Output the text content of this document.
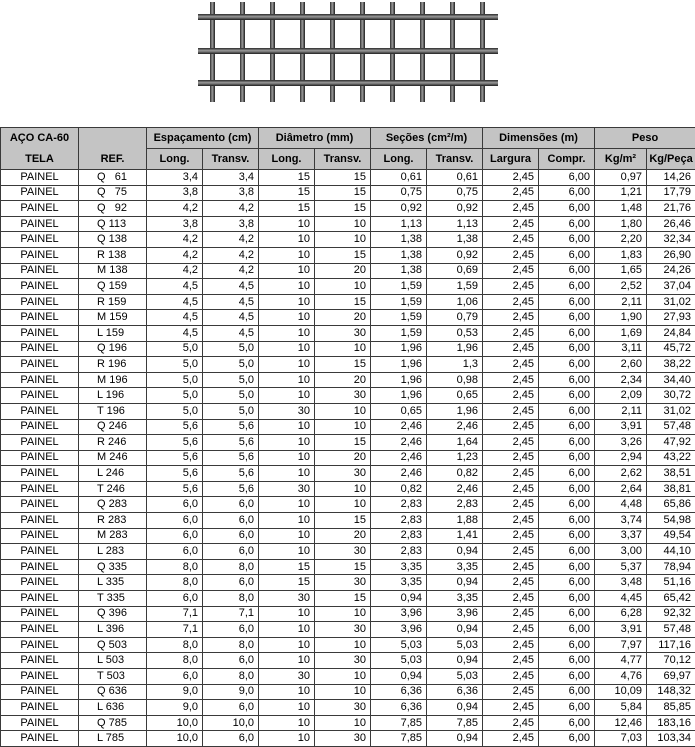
AÇO CA-60		Espaçamento (cm)		Diâmetro (mm)		Seções (cm²/m)		Dimensões (m)		Peso	
TELA	REF.	Long.	Transv.	Long.	Transv.	Long.	Transv.	Largura	Compr.	Kg/m²	Kg/Peça
PAINEL	Q   61	3,4	3,4	15	15	0,61	0,61	2,45	6,00	0,97	14,26
PAINEL	Q   75	3,8	3,8	15	15	0,75	0,75	2,45	6,00	1,21	17,79
PAINEL	Q   92	4,2	4,2	15	15	0,92	0,92	2,45	6,00	1,48	21,76
PAINEL	Q 113	3,8	3,8	10	10	1,13	1,13	2,45	6,00	1,80	26,46
PAINEL	Q 138	4,2	4,2	10	10	1,38	1,38	2,45	6,00	2,20	32,34
PAINEL	R 138	4,2	4,2	10	15	1,38	0,92	2,45	6,00	1,83	26,90
PAINEL	M 138	4,2	4,2	10	20	1,38	0,69	2,45	6,00	1,65	24,26
PAINEL	Q 159	4,5	4,5	10	10	1,59	1,59	2,45	6,00	2,52	37,04
PAINEL	R 159	4,5	4,5	10	15	1,59	1,06	2,45	6,00	2,11	31,02
PAINEL	M 159	4,5	4,5	10	20	1,59	0,79	2,45	6,00	1,90	27,93
PAINEL	L 159	4,5	4,5	10	30	1,59	0,53	2,45	6,00	1,69	24,84
PAINEL	Q 196	5,0	5,0	10	10	1,96	1,96	2,45	6,00	3,11	45,72
PAINEL	R 196	5,0	5,0	10	15	1,96	1,3	2,45	6,00	2,60	38,22
PAINEL	M 196	5,0	5,0	10	20	1,96	0,98	2,45	6,00	2,34	34,40
PAINEL	L 196	5,0	5,0	10	30	1,96	0,65	2,45	6,00	2,09	30,72
PAINEL	T 196	5,0	5,0	30	10	0,65	1,96	2,45	6,00	2,11	31,02
PAINEL	Q 246	5,6	5,6	10	10	2,46	2,46	2,45	6,00	3,91	57,48
PAINEL	R 246	5,6	5,6	10	15	2,46	1,64	2,45	6,00	3,26	47,92
PAINEL	M 246	5,6	5,6	10	20	2,46	1,23	2,45	6,00	2,94	43,22
PAINEL	L 246	5,6	5,6	10	30	2,46	0,82	2,45	6,00	2,62	38,51
PAINEL	T 246	5,6	5,6	30	10	0,82	2,46	2,45	6,00	2,64	38,81
PAINEL	Q 283	6,0	6,0	10	10	2,83	2,83	2,45	6,00	4,48	65,86
PAINEL	R 283	6,0	6,0	10	15	2,83	1,88	2,45	6,00	3,74	54,98
PAINEL	M 283	6,0	6,0	10	20	2,83	1,41	2,45	6,00	3,37	49,54
PAINEL	L 283	6,0	6,0	10	30	2,83	0,94	2,45	6,00	3,00	44,10
PAINEL	Q 335	8,0	8,0	15	15	3,35	3,35	2,45	6,00	5,37	78,94
PAINEL	L 335	8,0	6,0	15	30	3,35	0,94	2,45	6,00	3,48	51,16
PAINEL	T 335	6,0	8,0	30	15	0,94	3,35	2,45	6,00	4,45	65,42
PAINEL	Q 396	7,1	7,1	10	10	3,96	3,96	2,45	6,00	6,28	92,32
PAINEL	L 396	7,1	6,0	10	30	3,96	0,94	2,45	6,00	3,91	57,48
PAINEL	Q 503	8,0	8,0	10	10	5,03	5,03	2,45	6,00	7,97	117,16
PAINEL	L 503	8,0	6,0	10	30	5,03	0,94	2,45	6,00	4,77	70,12
PAINEL	T 503	6,0	8,0	30	10	0,94	5,03	2,45	6,00	4,76	69,97
PAINEL	Q 636	9,0	9,0	10	10	6,36	6,36	2,45	6,00	10,09	148,32
PAINEL	L 636	9,0	6,0	10	30	6,36	0,94	2,45	6,00	5,84	85,85
PAINEL	Q 785	10,0	10,0	10	10	7,85	7,85	2,45	6,00	12,46	183,16
PAINEL	L 785	10,0	6,0	10	30	7,85	0,94	2,45	6,00	7,03	103,34
